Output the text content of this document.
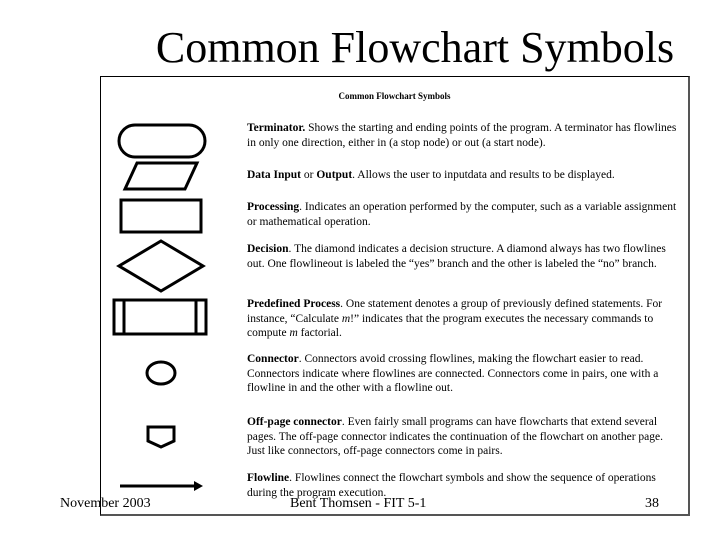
Common Flowchart Symbols
Common Flowchart Symbols
Terminator. Shows the starting and ending points of the program. A terminator has flowlines in only one direction, either in (a stop node) or out (a start node).
Data Input or Output. Allows the user to inputdata and results to be displayed.
Processing. Indicates an operation performed by the computer, such as a variable assignment or mathematical operation.
Decision. The diamond indicates a decision structure. A diamond always has two flowlines out. One flowlineout is labeled the “yes” branch and the other is labeled the “no” branch.
Predefined Process. One statement denotes a group of previously defined statements. For instance, “Calculate m!” indicates that the program executes the necessary commands to compute m factorial.
Connector. Connectors avoid crossing flowlines, making the flowchart easier to read. Connectors indicate where flowlines are connected. Connectors come in pairs, one with a flowline in and the other with a flowline out.
Off-page connector. Even fairly small programs can have flowcharts that extend several pages. The off-page connector indicates the continuation of the flowchart on another page. Just like connectors, off-page connectors come in pairs.
Flowline. Flowlines connect the flowchart symbols and show the sequence of operations during the program execution.
November 2003	Bent Thomsen - FIT 5-1	38
